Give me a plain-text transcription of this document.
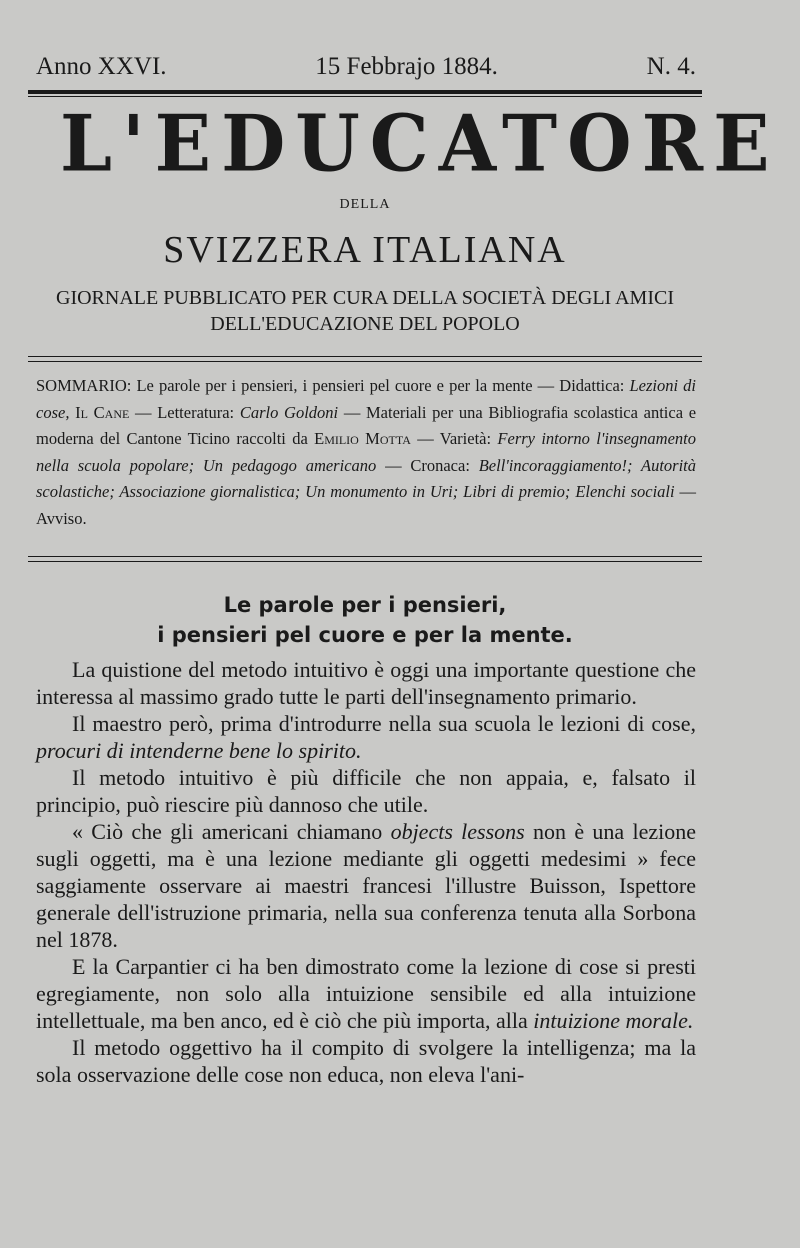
Anno XXVI.	15 Febbrajo 1884.	N. 4.
L'EDUCATORE
DELLA
SVIZZERA ITALIANA
GIORNALE PUBBLICATO PER CURA DELLA SOCIETÀ DEGLI AMICI
DELL'EDUCAZIONE DEL POPOLO
SOMMARIO: Le parole per i pensieri, i pensieri pel cuore e per la mente — Didattica: Lezioni di cose, Il Cane — Letteratura: Carlo Goldoni — Materiali per una Bibliografia scolastica antica e moderna del Cantone Ticino raccolti da Emilio Motta — Varietà: Ferry intorno l'insegnamento nella scuola popolare; Un pedagogo americano — Cronaca: Bell'incoraggiamento!; Autorità scolastiche; Associazione giornalistica; Un monumento in Uri; Libri di premio; Elenchi sociali — Avviso.
Le parole per i pensieri,
i pensieri pel cuore e per la mente.

La quistione del metodo intuitivo è oggi una importante questione che interessa al massimo grado tutte le parti dell'insegnamento primario.

Il maestro però, prima d'introdurre nella sua scuola le lezioni di cose, procuri di intenderne bene lo spirito.

Il metodo intuitivo è più difficile che non appaia, e, falsato il principio, può riescire più dannoso che utile.

« Ciò che gli americani chiamano objects lessons non è una lezione sugli oggetti, ma è una lezione mediante gli oggetti medesimi » fece saggiamente osservare ai maestri francesi l'illustre Buisson, Ispettore generale dell'istruzione primaria, nella sua conferenza tenuta alla Sorbona nel 1878.

E la Carpantier ci ha ben dimostrato come la lezione di cose si presti egregiamente, non solo alla intuizione sensibile ed alla intuizione intellettuale, ma ben anco, ed è ciò che più importa, alla intuizione morale.

Il metodo oggettivo ha il compito di svolgere la intelligenza; ma la sola osservazione delle cose non educa, non eleva l'ani-
